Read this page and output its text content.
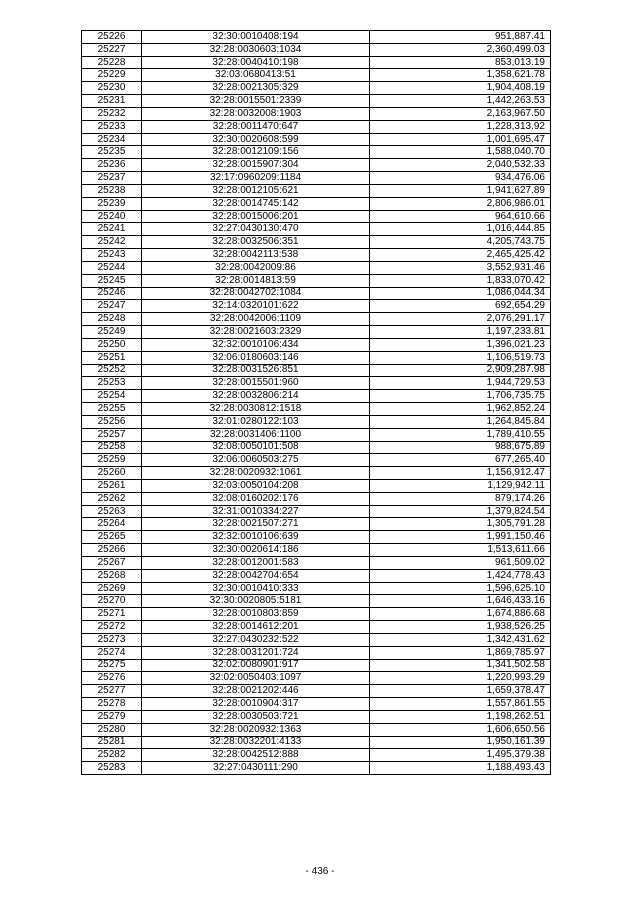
25226	32:30:0010408:194	951,887.41
25227	32:28:0030603:1034	2,360,499.03
25228	32:28:0040410:198	853,013.19
25229	32:03:0680413:51	1,358,621.78
25230	32:28:0021305:329	1,904,408.19
25231	32:28:0015501:2339	1,442,263.53
25232	32:28:0032008:1903	2,163,967.50
25233	32:28:0011470:647	1,228,313.92
25234	32:30:0020608:599	1,001,695.47
25235	32:28:0012109:156	1,588,040.70
25236	32:28:0015907:304	2,040,532.33
25237	32:17:0960209:1184	934,476.06
25238	32:28:0012105:621	1,941,627.89
25239	32:28:0014745:142	2,806,986.01
25240	32:28:0015006:201	964,610.66
25241	32:27:0430130:470	1,016,444.85
25242	32:28:0032506:351	4,205,743.75
25243	32:28:0042113:538	2,465,425.42
25244	32:28:0042009:86	3,552,931.46
25245	32:28:0014813:59	1,833,070.42
25246	32:28:0042702:1084	1,086,044.34
25247	32:14:0320101:622	692,654.29
25248	32:28:0042006:1109	2,076,291.17
25249	32:28:0021603:2329	1,197,233.81
25250	32:32:0010106:434	1,396,021.23
25251	32:06:0180603:146	1,106,519.73
25252	32:28:0031526:851	2,909,287.98
25253	32:28:0015501:960	1,944,729.53
25254	32:28:0032806:214	1,706,735.75
25255	32:28:0030812:1518	1,962,852.24
25256	32:01:0280122:103	1,264,845.84
25257	32:28:0031406:1100	1,789,410.55
25258	32:08:0050101:508	988,675.89
25259	32:06:0060503:275	677,265.40
25260	32:28:0020932:1061	1,156,912.47
25261	32:03:0050104:208	1,129,942.11
25262	32:08:0160202:176	879,174.26
25263	32:31:0010334:227	1,379,824.54
25264	32:28:0021507:271	1,305,791.28
25265	32:32:0010106:639	1,991,150.46
25266	32:30:0020614:186	1,513,611.66
25267	32:28:0012001:583	961,509.02
25268	32:28:0042704:654	1,424,778.43
25269	32:30:0010410:333	1,596,625.10
25270	32:30:0020805:5181	1,646,433.16
25271	32:28:0010803:859	1,674,886.68
25272	32:28:0014612:201	1,938,526.25
25273	32:27:0430232:522	1,342,431.62
25274	32:28:0031201:724	1,869,785.97
25275	32:02:0080901:917	1,341,502.58
25276	32:02:0050403:1097	1,220,993.29
25277	32:28:0021202:446	1,659,378.47
25278	32:28:0010904:317	1,557,861.55
25279	32:28:0030503:721	1,198,262.51
25280	32:28:0020932:1363	1,606,650.56
25281	32:28:0032201:4133	1,950,161.39
25282	32:28:0042512:888	1,495,379.38
25283	32:27:0430111:290	1,188,493.43
- 436 -
